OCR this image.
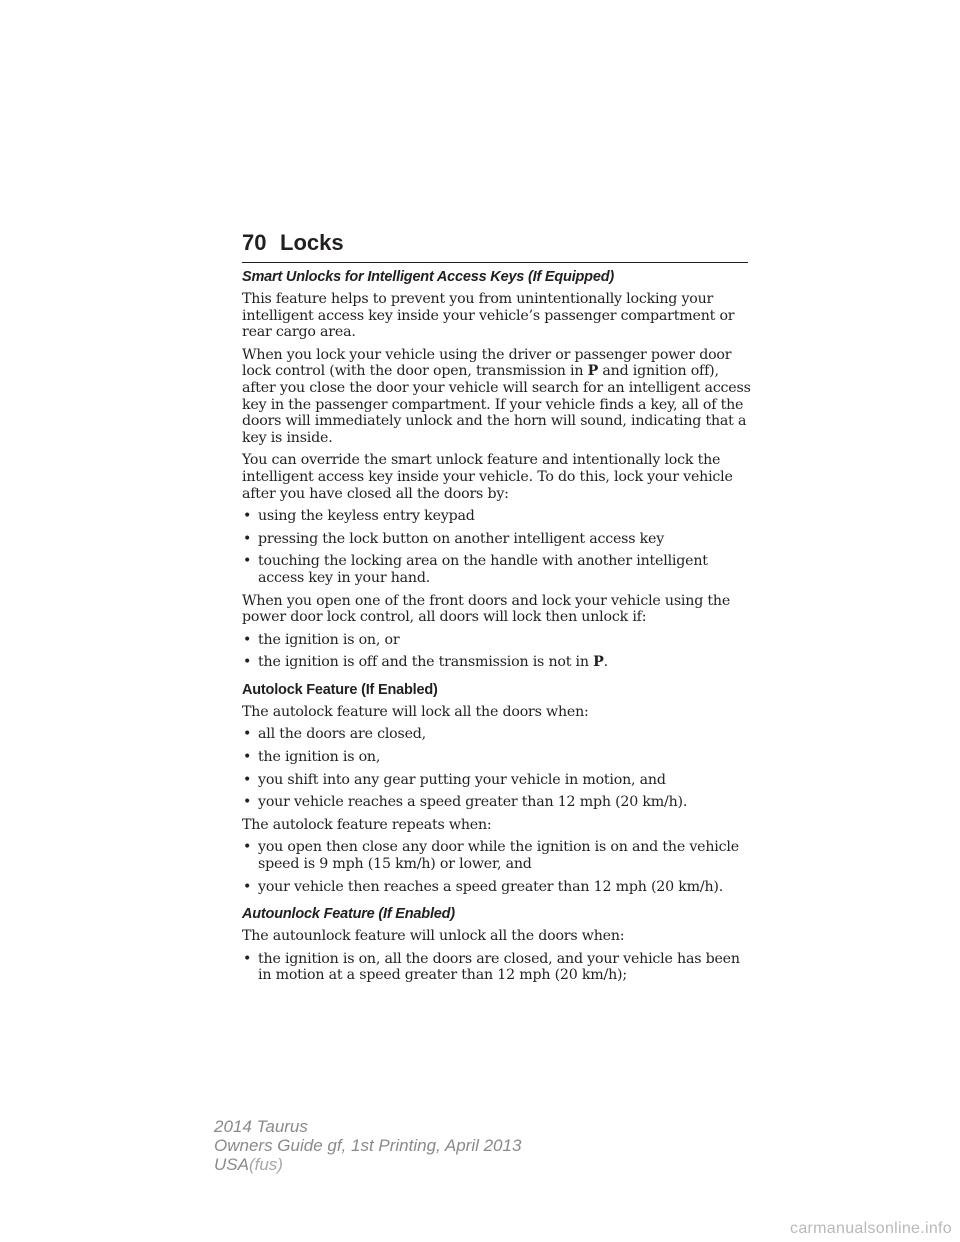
70 Locks
Smart Unlocks for Intelligent Access Keys (If Equipped)

This feature helps to prevent you from unintentionally locking your intelligent access key inside your vehicle’s passenger compartment or rear cargo area.

When you lock your vehicle using the driver or passenger power door lock control (with the door open, transmission in P and ignition off), after you close the door your vehicle will search for an intelligent access key in the passenger compartment. If your vehicle finds a key, all of the doors will immediately unlock and the horn will sound, indicating that a key is inside.

You can override the smart unlock feature and intentionally lock the intelligent access key inside your vehicle. To do this, lock your vehicle after you have closed all the doors by:

• using the keyless entry keypad
• pressing the lock button on another intelligent access key
• touching the locking area on the handle with another intelligent access key in your hand.

When you open one of the front doors and lock your vehicle using the power door lock control, all doors will lock then unlock if:

• the ignition is on, or
• the ignition is off and the transmission is not in P.
Autolock Feature (If Enabled)

The autolock feature will lock all the doors when:

• all the doors are closed,
• the ignition is on,
• you shift into any gear putting your vehicle in motion, and
• your vehicle reaches a speed greater than 12 mph (20 km/h).

The autolock feature repeats when:

• you open then close any door while the ignition is on and the vehicle speed is 9 mph (15 km/h) or lower, and
• your vehicle then reaches a speed greater than 12 mph (20 km/h).
Autounlock Feature (If Enabled)

The autounlock feature will unlock all the doors when:

• the ignition is on, all the doors are closed, and your vehicle has been in motion at a speed greater than 12 mph (20 km/h);
2014 Taurus
Owners Guide gf, 1st Printing, April 2013
USA(fus)
carmanualsonline.info
